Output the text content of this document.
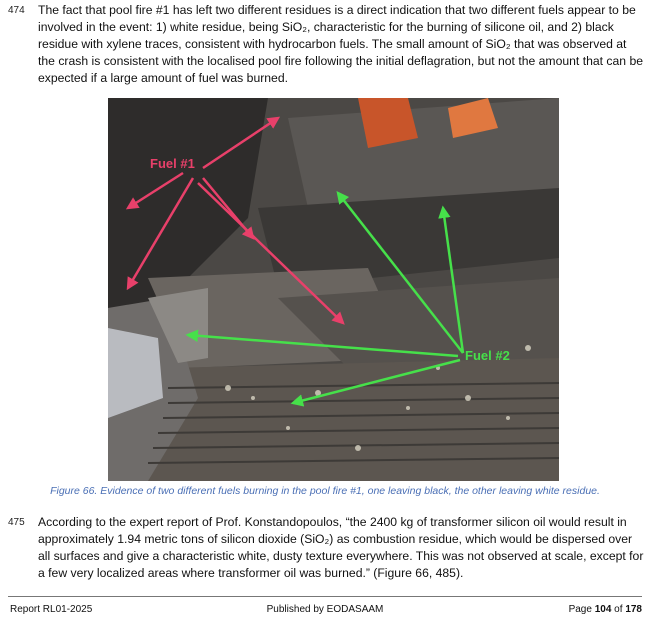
474 The fact that pool fire #1 has left two different residues is a direct indication that two different fuels appear to be involved in the event: 1) white residue, being SiO₂, characteristic for the burning of silicone oil, and 2) black residue with xylene traces, consistent with hydrocarbon fuels. The small amount of SiO₂ that was observed at the crash is consistent with the localised pool fire following the initial deflagration, but not the amount that can be expected if a large amount of fuel was burned.
Fuel #1
Fuel #2
Figure 66. Evidence of two different fuels burning in the pool fire #1, one leaving black, the other leaving white residue.
475 According to the expert report of Prof. Konstandopoulos, “the 2400 kg of transformer silicon oil would result in approximately 1.94 metric tons of silicon dioxide (SiO₂) as combustion residue, which would be dispersed over all surfaces and give a characteristic white, dusty texture everywhere. This was not observed at scale, except for a few very localized areas where transformer oil was burned.” (Figure 66, 485).
Report RL01-2025	Published by EODASAAM	Page 104 of 178
